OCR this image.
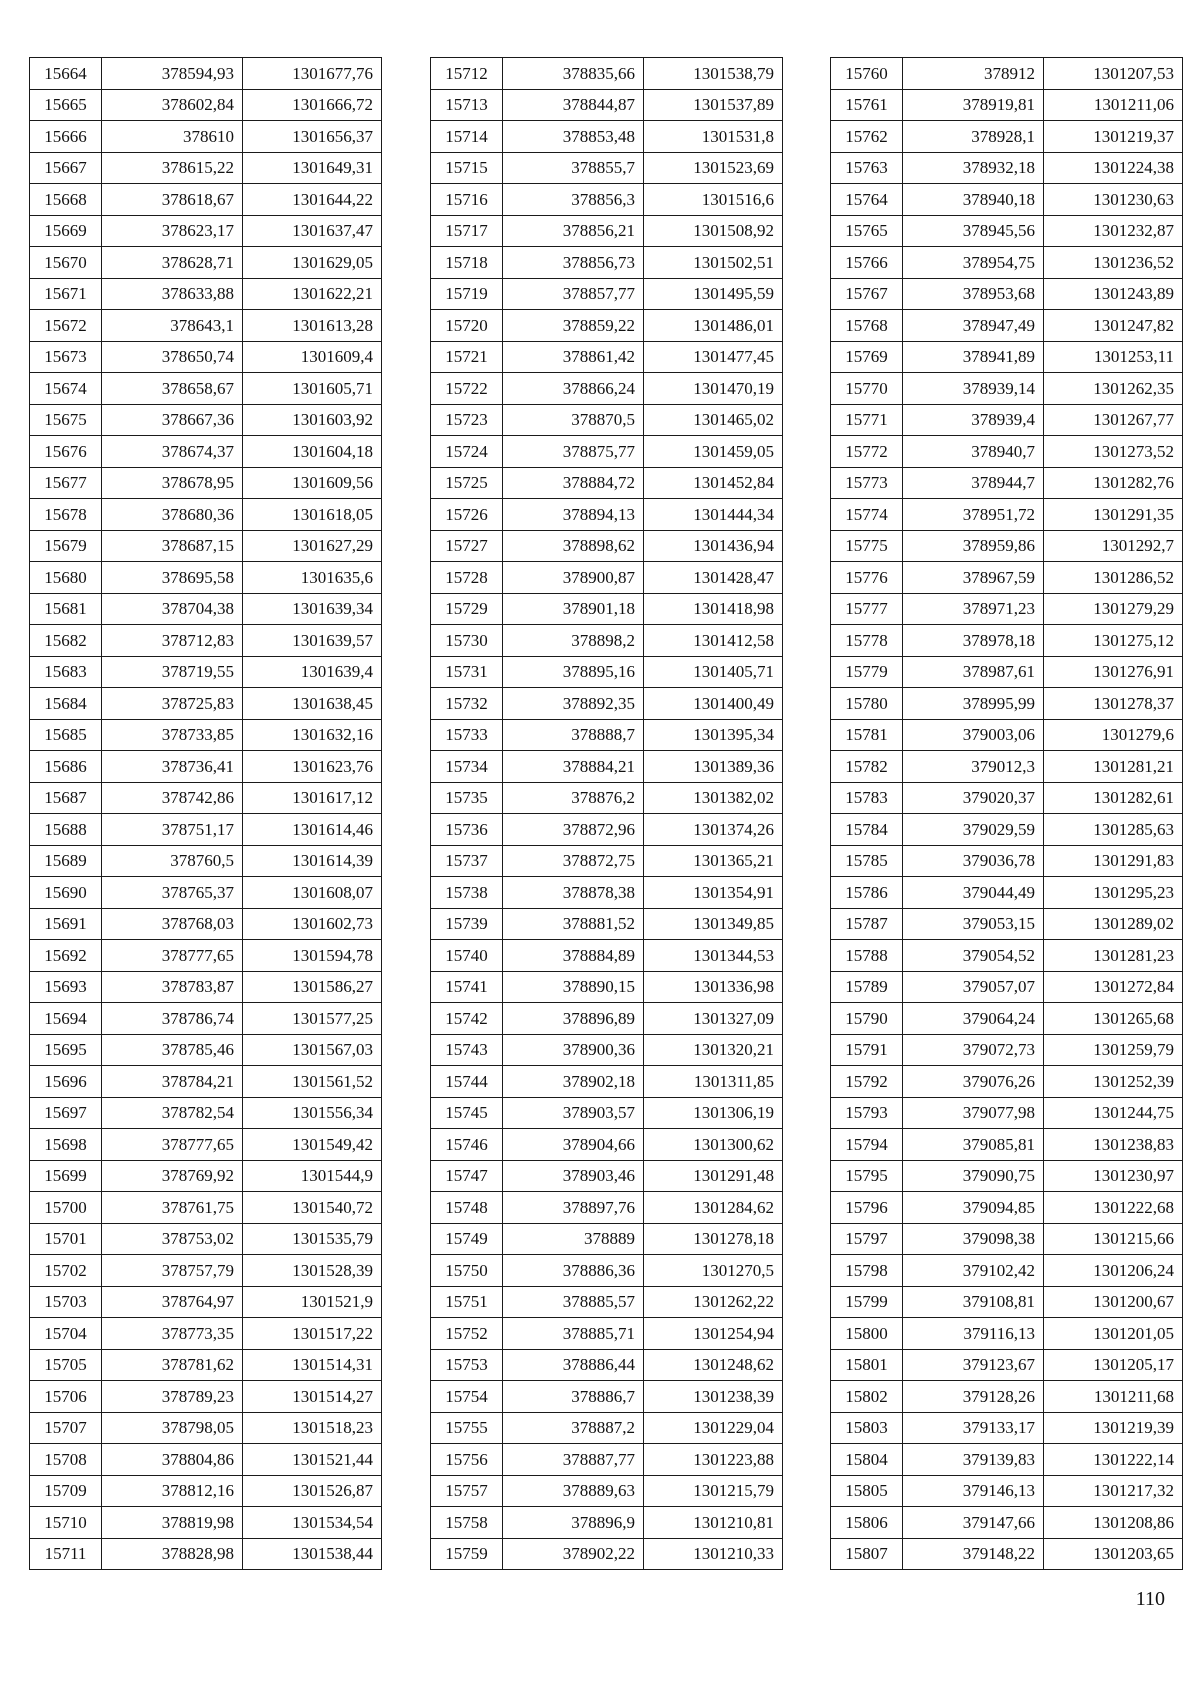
15664	378594,93	1301677,76
15665	378602,84	1301666,72
15666	378610	1301656,37
15667	378615,22	1301649,31
15668	378618,67	1301644,22
15669	378623,17	1301637,47
15670	378628,71	1301629,05
15671	378633,88	1301622,21
15672	378643,1	1301613,28
15673	378650,74	1301609,4
15674	378658,67	1301605,71
15675	378667,36	1301603,92
15676	378674,37	1301604,18
15677	378678,95	1301609,56
15678	378680,36	1301618,05
15679	378687,15	1301627,29
15680	378695,58	1301635,6
15681	378704,38	1301639,34
15682	378712,83	1301639,57
15683	378719,55	1301639,4
15684	378725,83	1301638,45
15685	378733,85	1301632,16
15686	378736,41	1301623,76
15687	378742,86	1301617,12
15688	378751,17	1301614,46
15689	378760,5	1301614,39
15690	378765,37	1301608,07
15691	378768,03	1301602,73
15692	378777,65	1301594,78
15693	378783,87	1301586,27
15694	378786,74	1301577,25
15695	378785,46	1301567,03
15696	378784,21	1301561,52
15697	378782,54	1301556,34
15698	378777,65	1301549,42
15699	378769,92	1301544,9
15700	378761,75	1301540,72
15701	378753,02	1301535,79
15702	378757,79	1301528,39
15703	378764,97	1301521,9
15704	378773,35	1301517,22
15705	378781,62	1301514,31
15706	378789,23	1301514,27
15707	378798,05	1301518,23
15708	378804,86	1301521,44
15709	378812,16	1301526,87
15710	378819,98	1301534,54
15711	378828,98	1301538,44
15712	378835,66	1301538,79
15713	378844,87	1301537,89
15714	378853,48	1301531,8
15715	378855,7	1301523,69
15716	378856,3	1301516,6
15717	378856,21	1301508,92
15718	378856,73	1301502,51
15719	378857,77	1301495,59
15720	378859,22	1301486,01
15721	378861,42	1301477,45
15722	378866,24	1301470,19
15723	378870,5	1301465,02
15724	378875,77	1301459,05
15725	378884,72	1301452,84
15726	378894,13	1301444,34
15727	378898,62	1301436,94
15728	378900,87	1301428,47
15729	378901,18	1301418,98
15730	378898,2	1301412,58
15731	378895,16	1301405,71
15732	378892,35	1301400,49
15733	378888,7	1301395,34
15734	378884,21	1301389,36
15735	378876,2	1301382,02
15736	378872,96	1301374,26
15737	378872,75	1301365,21
15738	378878,38	1301354,91
15739	378881,52	1301349,85
15740	378884,89	1301344,53
15741	378890,15	1301336,98
15742	378896,89	1301327,09
15743	378900,36	1301320,21
15744	378902,18	1301311,85
15745	378903,57	1301306,19
15746	378904,66	1301300,62
15747	378903,46	1301291,48
15748	378897,76	1301284,62
15749	378889	1301278,18
15750	378886,36	1301270,5
15751	378885,57	1301262,22
15752	378885,71	1301254,94
15753	378886,44	1301248,62
15754	378886,7	1301238,39
15755	378887,2	1301229,04
15756	378887,77	1301223,88
15757	378889,63	1301215,79
15758	378896,9	1301210,81
15759	378902,22	1301210,33
15760	378912	1301207,53
15761	378919,81	1301211,06
15762	378928,1	1301219,37
15763	378932,18	1301224,38
15764	378940,18	1301230,63
15765	378945,56	1301232,87
15766	378954,75	1301236,52
15767	378953,68	1301243,89
15768	378947,49	1301247,82
15769	378941,89	1301253,11
15770	378939,14	1301262,35
15771	378939,4	1301267,77
15772	378940,7	1301273,52
15773	378944,7	1301282,76
15774	378951,72	1301291,35
15775	378959,86	1301292,7
15776	378967,59	1301286,52
15777	378971,23	1301279,29
15778	378978,18	1301275,12
15779	378987,61	1301276,91
15780	378995,99	1301278,37
15781	379003,06	1301279,6
15782	379012,3	1301281,21
15783	379020,37	1301282,61
15784	379029,59	1301285,63
15785	379036,78	1301291,83
15786	379044,49	1301295,23
15787	379053,15	1301289,02
15788	379054,52	1301281,23
15789	379057,07	1301272,84
15790	379064,24	1301265,68
15791	379072,73	1301259,79
15792	379076,26	1301252,39
15793	379077,98	1301244,75
15794	379085,81	1301238,83
15795	379090,75	1301230,97
15796	379094,85	1301222,68
15797	379098,38	1301215,66
15798	379102,42	1301206,24
15799	379108,81	1301200,67
15800	379116,13	1301201,05
15801	379123,67	1301205,17
15802	379128,26	1301211,68
15803	379133,17	1301219,39
15804	379139,83	1301222,14
15805	379146,13	1301217,32
15806	379147,66	1301208,86
15807	379148,22	1301203,65
110
